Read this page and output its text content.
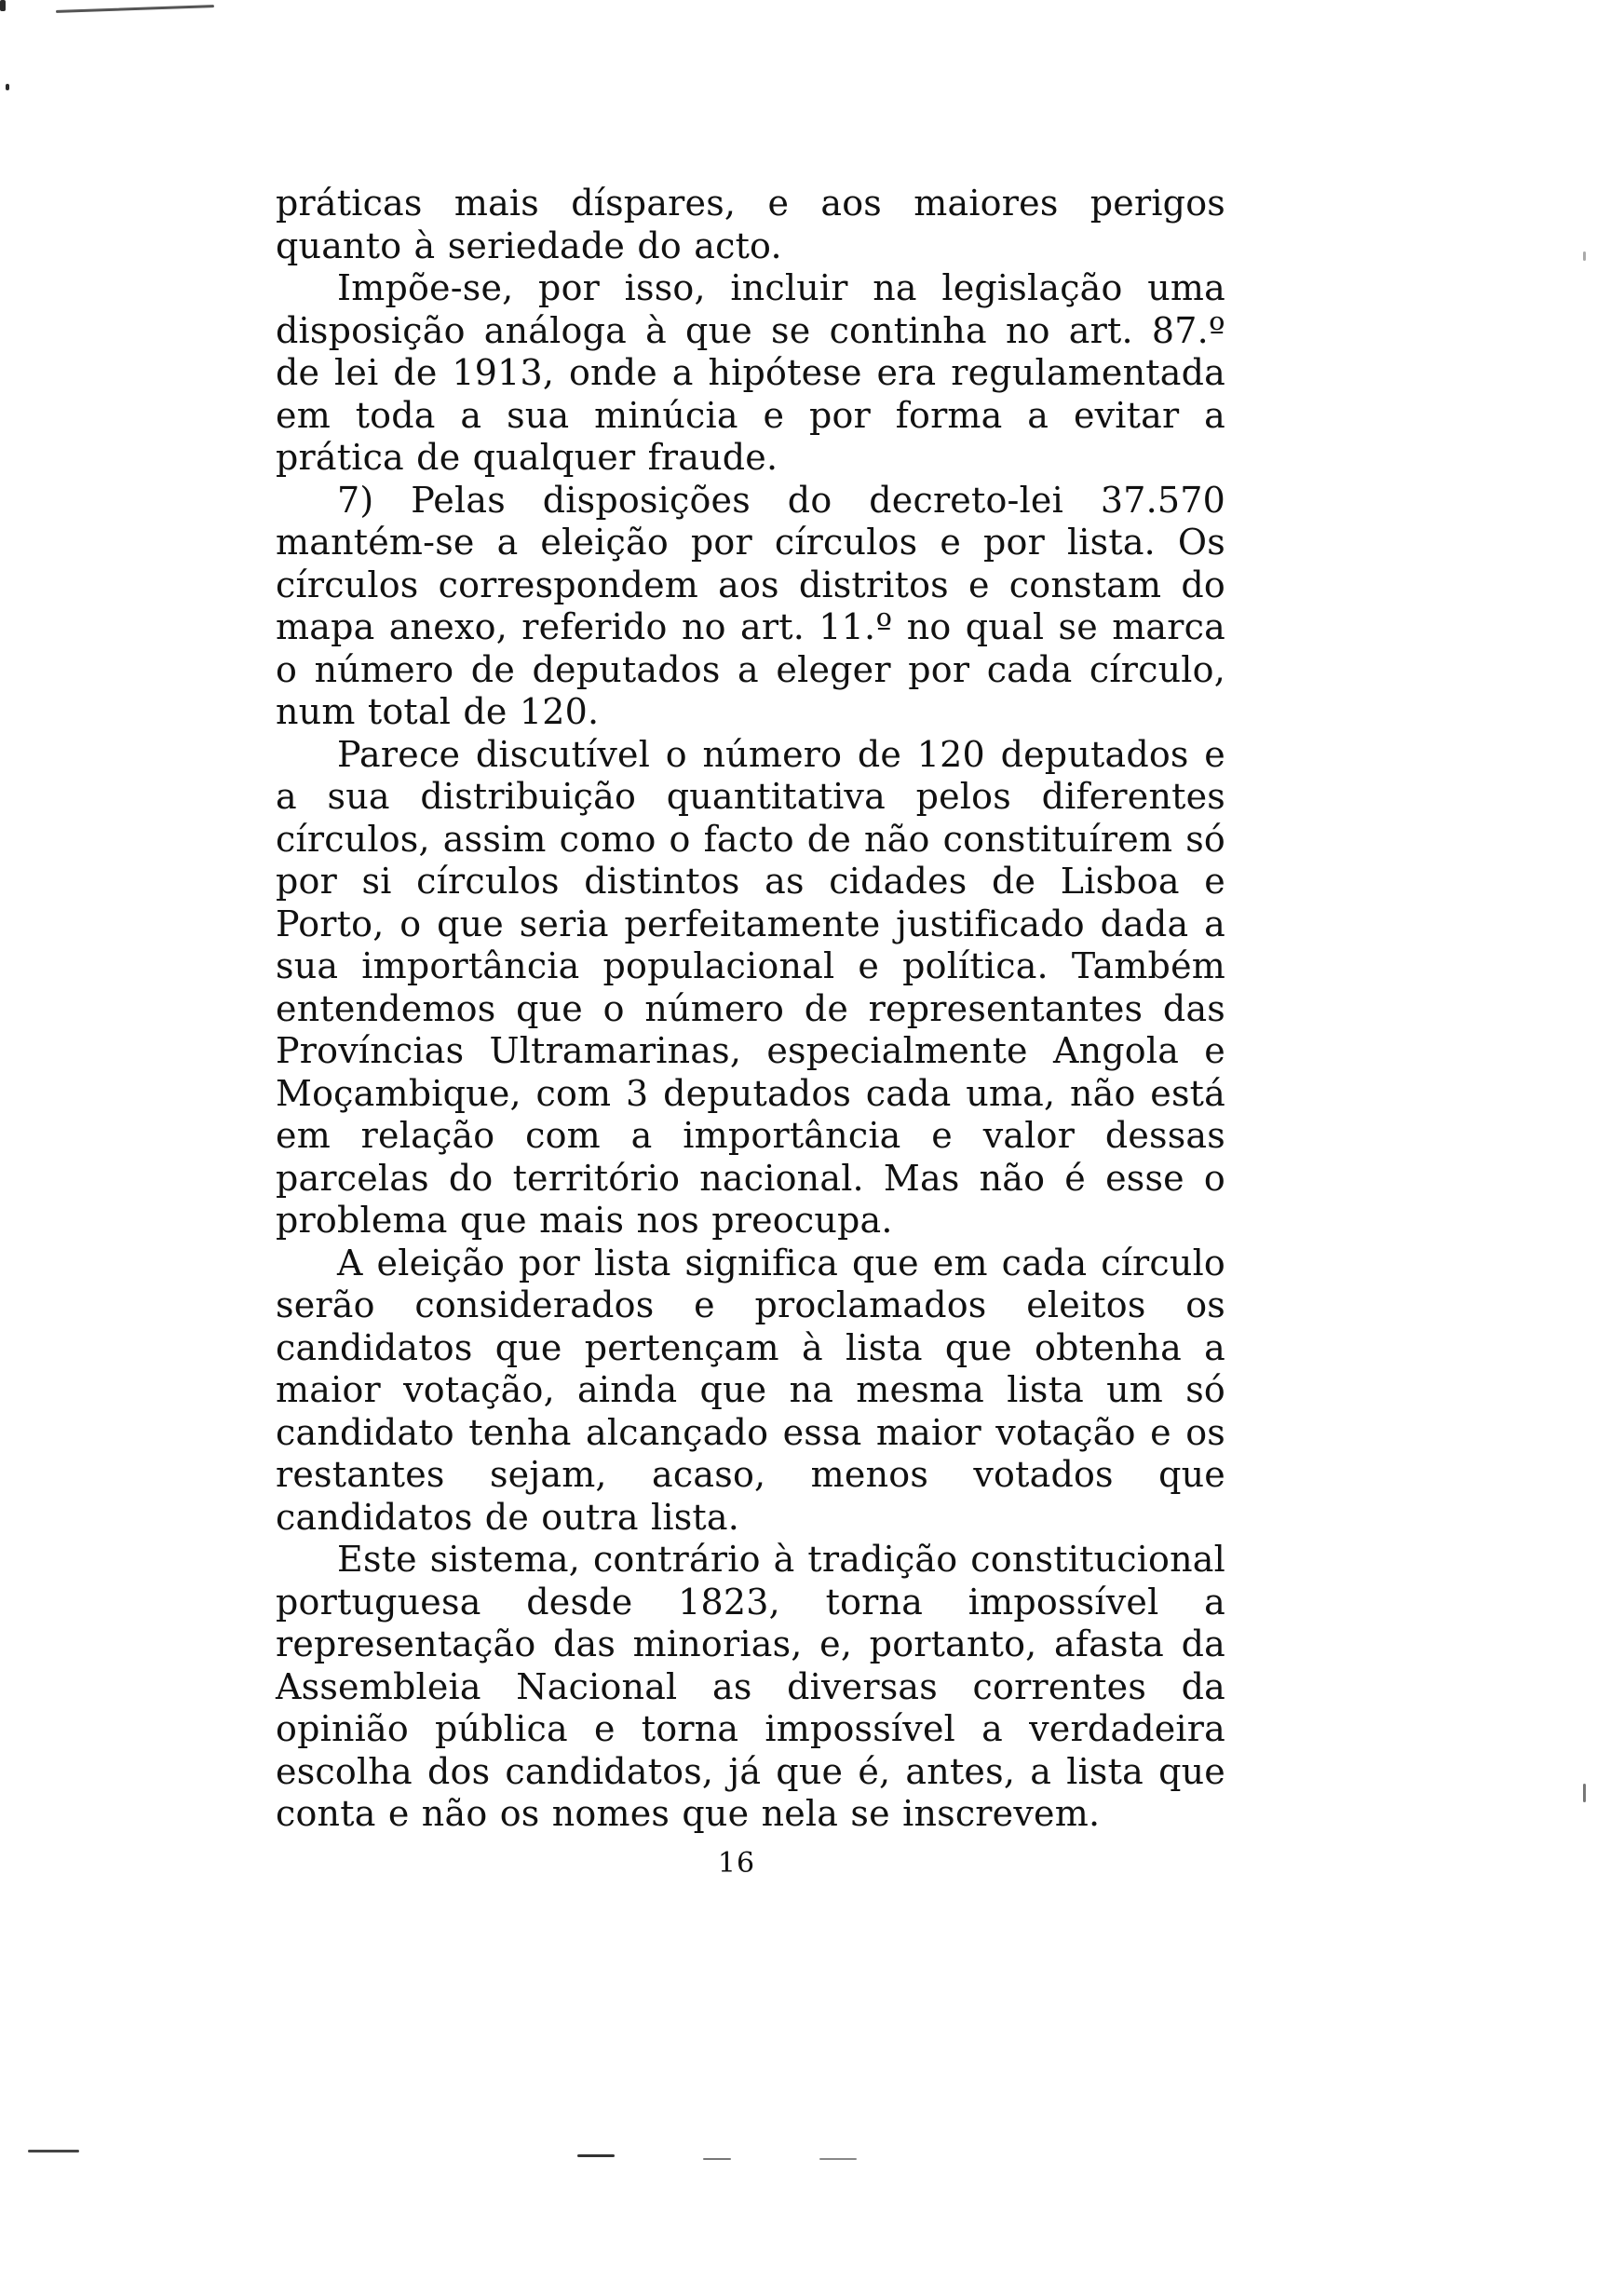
práticas mais díspares, e aos maiores perigos quanto à seriedade do acto.

Impõe-se, por isso, incluir na legislação uma disposição análoga à que se continha no art. 87.º de lei de 1913, onde a hipótese era regulamentada em toda a sua minúcia e por forma a evitar a prática de qualquer fraude.

7) Pelas disposições do decreto-lei 37.570 mantém-se a eleição por círculos e por lista. Os círculos correspondem aos distritos e constam do mapa anexo, referido no art. 11.º no qual se marca o número de deputados a eleger por cada círculo, num total de 120.

Parece discutível o número de 120 deputados e a sua distribuição quantitativa pelos diferentes círculos, assim como o facto de não constituírem só por si círculos distintos as cidades de Lisboa e Porto, o que seria perfeitamente justificado dada a sua importância populacional e política. Também entendemos que o número de representantes das Províncias Ultramarinas, especialmente Angola e Moçambique, com 3 deputados cada uma, não está em relação com a importância e valor dessas parcelas do território nacional. Mas não é esse o problema que mais nos preocupa.

A eleição por lista significa que em cada círculo serão considerados e proclamados eleitos os candidatos que pertençam à lista que obtenha a maior votação, ainda que na mesma lista um só candidato tenha alcançado essa maior votação e os restantes sejam, acaso, menos votados que candidatos de outra lista.

Este sistema, contrário à tradição constitucional portuguesa desde 1823, torna impossível a representação das minorias, e, portanto, afasta da Assembleia Nacional as diversas correntes da opinião pública e torna impossível a verdadeira escolha dos candidatos, já que é, antes, a lista que conta e não os nomes que nela se inscrevem.

16
